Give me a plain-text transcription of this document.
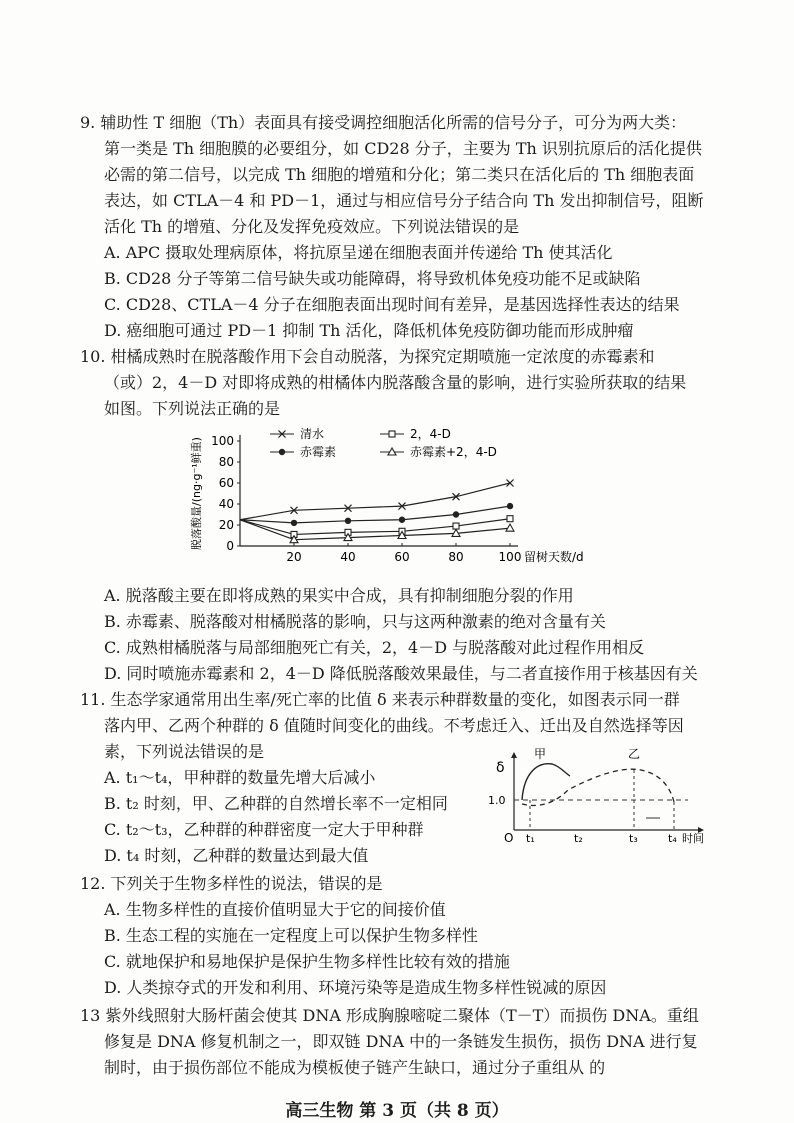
9. 辅助性 T 细胞（Th）表面具有接受调控细胞活化所需的信号分子，可分为两大类：
第一类是 Th 细胞膜的必要组分，如 CD28 分子，主要为 Th 识别抗原后的活化提供
必需的第二信号，以完成 Th 细胞的增殖和分化；第二类只在活化后的 Th 细胞表面
表达，如 CTLA－4 和 PD－1，通过与相应信号分子结合向 Th 发出抑制信号，阻断
活化 Th 的增殖、分化及发挥免疫效应。下列说法错误的是
A. APC 摄取处理病原体，将抗原呈递在细胞表面并传递给 Th 使其活化
B. CD28 分子等第二信号缺失或功能障碍，将导致机体免疫功能不足或缺陷
C. CD28、CTLA－4 分子在细胞表面出现时间有差异，是基因选择性表达的结果
D. 癌细胞可通过 PD－1 抑制 Th 活化，降低机体免疫防御功能而形成肿瘤
10. 柑橘成熟时在脱落酸作用下会自动脱落，为探究定期喷施一定浓度的赤霉素和
（或）2，4－D 对即将成熟的柑橘体内脱落酸含量的影响，进行实验所获取的结果
如图。下列说法正确的是
0
20
40
60
80
100
20	40	60	80	100 留树天数/d
脱落酸量/(ng·g⁻¹鲜重)
清水	2，4-D
赤霉素	赤霉素+2，4-D
A. 脱落酸主要在即将成熟的果实中合成，具有抑制细胞分裂的作用
B. 赤霉素、脱落酸对柑橘脱落的影响，只与这两种激素的绝对含量有关
C. 成熟柑橘脱落与局部细胞死亡有关，2，4－D 与脱落酸对此过程作用相反
D. 同时喷施赤霉素和 2，4－D 降低脱落酸效果最佳，与二者直接作用于核基因有关
11. 生态学家通常用出生率/死亡率的比值 δ 来表示种群数量的变化，如图表示同一群
落内甲、乙两个种群的 δ 值随时间变化的曲线。不考虑迁入、迁出及自然选择等因
素，下列说法错误的是
A. t₁～t₄，甲种群的数量先增大后减小
B. t₂ 时刻，甲、乙种群的自然增长率不一定相同
C. t₂～t₃，乙种群的种群密度一定大于甲种群
D. t₄ 时刻，乙种群的数量达到最大值
δ
甲	乙
1.0
O t₁	t₂	t₃	t₄ 时间
12. 下列关于生物多样性的说法，错误的是
A. 生物多样性的直接价值明显大于它的间接价值
B. 生态工程的实施在一定程度上可以保护生物多样性
C. 就地保护和易地保护是保护生物多样性比较有效的措施
D. 人类掠夺式的开发和利用、环境污染等是造成生物多样性锐减的原因
13 紫外线照射大肠杆菌会使其 DNA 形成胸腺嘧啶二聚体（T－T）而损伤 DNA。重组
修复是 DNA 修复机制之一，即双链 DNA 中的一条链发生损伤，损伤 DNA 进行复
制时，由于损伤部位不能成为模板使子链产生缺口，通过分子重组从 的
高三生物 第 3 页（共 8 页）
